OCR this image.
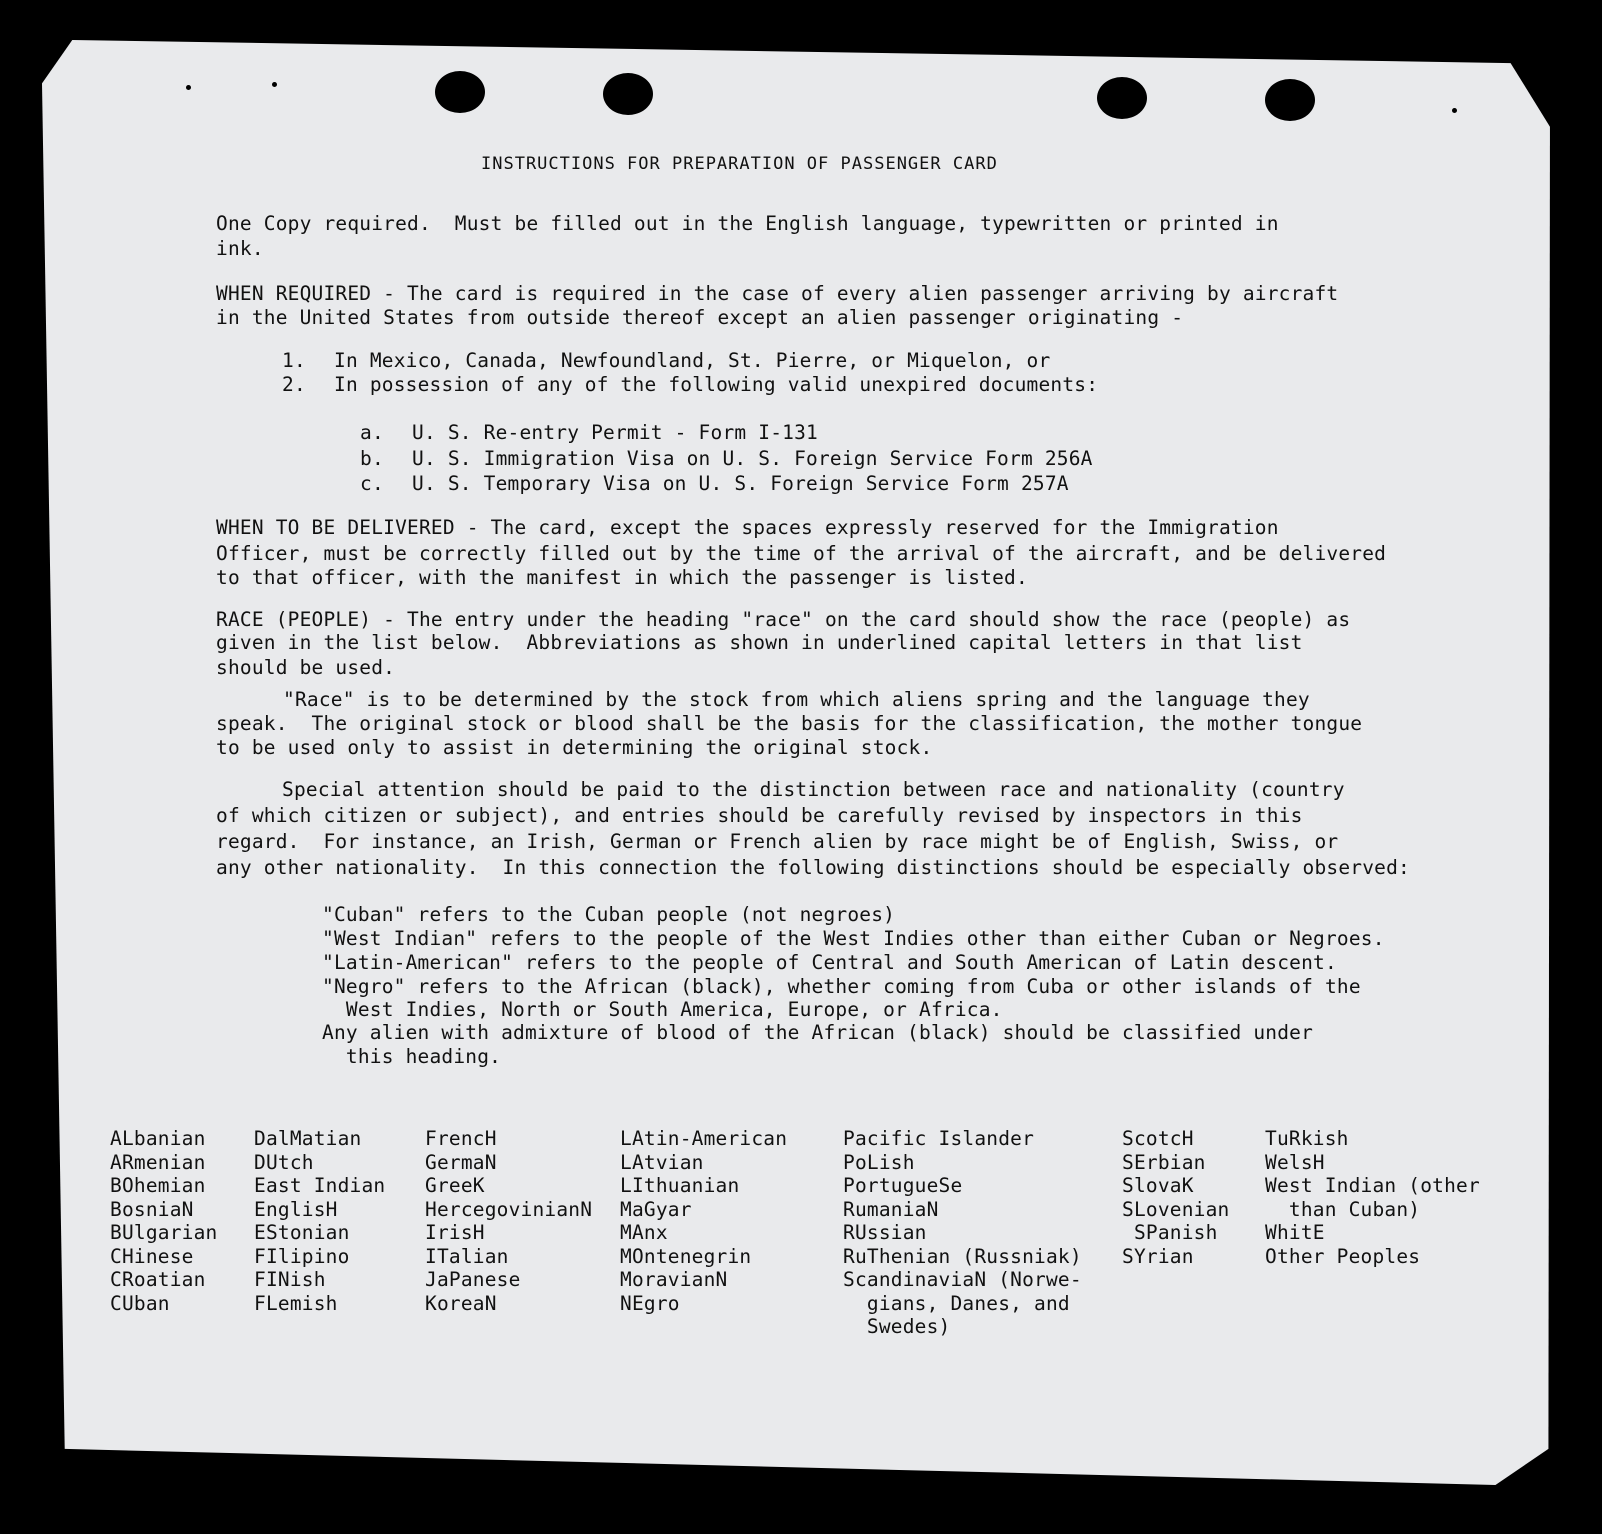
INSTRUCTIONS FOR PREPARATION OF PASSENGER CARD
One Copy required.  Must be filled out in the English language, typewritten or printed in
ink.
WHEN REQUIRED - The card is required in the case of every alien passenger arriving by aircraft
in the United States from outside thereof except an alien passenger originating -
1. In Mexico, Canada, Newfoundland, St. Pierre, or Miquelon, or
2. In possession of any of the following valid unexpired documents:
a. U. S. Re-entry Permit - Form I-131
b. U. S. Immigration Visa on U. S. Foreign Service Form 256A
c. U. S. Temporary Visa on U. S. Foreign Service Form 257A
WHEN TO BE DELIVERED - The card, except the spaces expressly reserved for the Immigration
Officer, must be correctly filled out by the time of the arrival of the aircraft, and be delivered
to that officer, with the manifest in which the passenger is listed.
RACE (PEOPLE) - The entry under the heading "race" on the card should show the race (people) as
given in the list below.  Abbreviations as shown in underlined capital letters in that list
should be used.
"Race" is to be determined by the stock from which aliens spring and the language they
speak.  The original stock or blood shall be the basis for the classification, the mother tongue
to be used only to assist in determining the original stock.
Special attention should be paid to the distinction between race and nationality (country
of which citizen or subject), and entries should be carefully revised by inspectors in this
regard.  For instance, an Irish, German or French alien by race might be of English, Swiss, or
any other nationality.  In this connection the following distinctions should be especially observed:
"Cuban" refers to the Cuban people (not negroes)
"West Indian" refers to the people of the West Indies other than either Cuban or Negroes.
"Latin-American" refers to the people of Central and South American of Latin descent.
"Negro" refers to the African (black), whether coming from Cuba or other islands of the
West Indies, North or South America, Europe, or Africa.
Any alien with admixture of blood of the African (black) should be classified under
this heading.
ALbanian
ARmenian
BOhemian
BosniaN
BUlgarian
CHinese
CRoatian
CUban
DalMatian
DUtch
East Indian
EnglisH
EStonian
FIlipino
FINish
FLemish
FrencH
GermaN
GreeK
HercegovinianN
IrisH
ITalian
JaPanese
KoreaN
LAtin-American
LAtvian
LIthuanian
MaGyar
MAnx
MOntenegrin
MoravianN
NEgro
Pacific Islander
PoLish
PortugueSe
RumaniaN
RUssian
RuThenian (Russniak)
ScandinaviaN (Norwe-
gians, Danes, and
Swedes)
ScotcH
SErbian
SlovaK
SLovenian
SPanish
SYrian
TuRkish
WelsH
West Indian (other
than Cuban)
WhitE
Other Peoples
